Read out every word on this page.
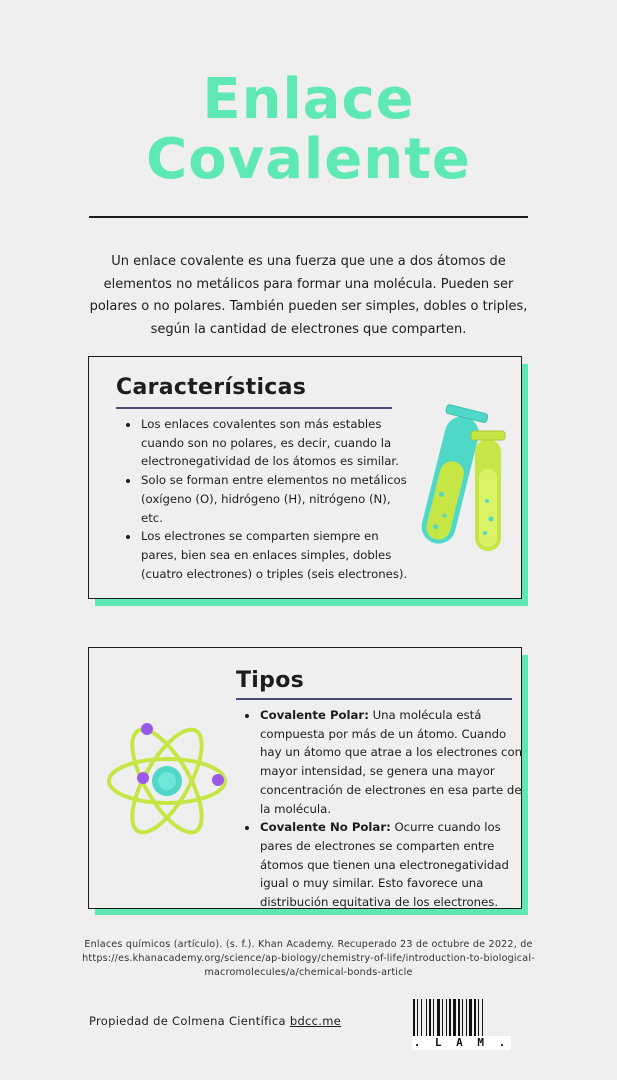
Enlace
Covalente
Un enlace covalente es una fuerza que une a dos átomos de elementos no metálicos para formar una molécula. Pueden ser polares o no polares. También pueden ser simples, dobles o triples, según la cantidad de electrones que comparten.
Características
• Los enlaces covalentes son más estables cuando son no polares, es decir, cuando la electronegatividad de los átomos es similar.
• Solo se forman entre elementos no metálicos (oxígeno (O), hidrógeno (H), nitrógeno (N), etc.
• Los electrones se comparten siempre en pares, bien sea en enlaces simples, dobles (cuatro electrones) o triples (seis electrones).
Tipos
• Covalente Polar: Una molécula está compuesta por más de un átomo. Cuando hay un átomo que atrae a los electrones con mayor intensidad, se genera una mayor concentración de electrones en esa parte de la molécula.
• Covalente No Polar: Ocurre cuando los pares de electrones se comparten entre átomos que tienen una electronegatividad igual o muy similar. Esto favorece una distribución equitativa de los electrones.
Enlaces químicos (artículo). (s. f.). Khan Academy. Recuperado 23 de octubre de 2022, de https://es.khanacademy.org/science/ap-biology/chemistry-of-life/introduction-to-biological-macromolecules/a/chemical-bonds-article
Propiedad de Colmena Científica bdcc.me
. L A M .
